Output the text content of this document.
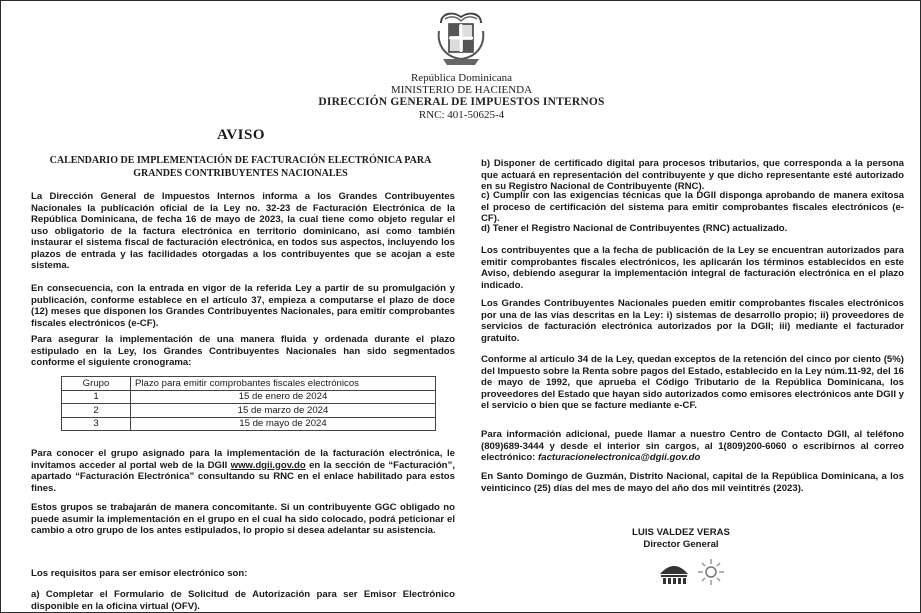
República Dominicana
MINISTERIO DE HACIENDA
DIRECCIÓN GENERAL DE IMPUESTOS INTERNOS
RNC: 401-50625-4
AVISO
CALENDARIO DE IMPLEMENTACIÓN DE FACTURACIÓN ELECTRÓNICA PARA
GRANDES CONTRIBUYENTES NACIONALES

La Dirección General de Impuestos Internos informa a los Grandes Contribuyentes Nacionales la publicación oficial de la Ley no. 32-23 de Facturación Electrónica de la República Dominicana, de fecha 16 de mayo de 2023, la cual tiene como objeto regular el uso obligatorio de la factura electrónica en territorio dominicano, así como también instaurar el sistema fiscal de facturación electrónica, en todos sus aspectos, incluyendo los plazos de entrada y las facilidades otorgadas a los contribuyentes que se acojan a este sistema.

En consecuencia, con la entrada en vigor de la referida Ley a partir de su promulgación y publicación, conforme establece en el artículo 37, empieza a computarse el plazo de doce (12) meses que disponen los Grandes Contribuyentes Nacionales, para emitir comprobantes fiscales electrónicos (e-CF).

Para asegurar la implementación de una manera fluida y ordenada durante el plazo estipulado en la Ley, los Grandes Contribuyentes Nacionales han sido segmentados conforme el siguiente cronograma:

Grupo	Plazo para emitir comprobantes fiscales electrónicos
1	15 de enero de 2024
2	15 de marzo de 2024
3	15 de mayo de 2024

Para conocer el grupo asignado para la implementación de la facturación electrónica, le invitamos acceder al portal web de la DGII www.dgii.gov.do en la sección de “Facturación”, apartado “Facturación Electrónica” consultando su RNC en el enlace habilitado para estos fines.

Estos grupos se trabajarán de manera concomitante. Si un contribuyente GGC obligado no puede asumir la implementación en el grupo en el cual ha sido colocado, podrá peticionar el cambio a otro grupo de los antes estipulados, lo propio si desea adelantar su asistencia.

Los requisitos para ser emisor electrónico son:

a) Completar el Formulario de Solicitud de Autorización para ser Emisor Electrónico disponible en la oficina virtual (OFV).

b) Disponer de certificado digital para procesos tributarios, que corresponda a la persona que actuará en representación del contribuyente y que dicho representante esté autorizado en su Registro Nacional de Contribuyente (RNC).

c) Cumplir con las exigencias técnicas que la DGII disponga aprobando de manera exitosa el proceso de certificación del sistema para emitir comprobantes fiscales electrónicos (e-CF).

d) Tener el Registro Nacional de Contribuyentes (RNC) actualizado.

Los contribuyentes que a la fecha de publicación de la Ley se encuentran autorizados para emitir comprobantes fiscales electrónicos, les aplicarán los términos establecidos en este Aviso, debiendo asegurar la implementación integral de facturación electrónica en el plazo indicado.

Los Grandes Contribuyentes Nacionales pueden emitir comprobantes fiscales electrónicos por una de las vías descritas en la Ley: i) sistemas de desarrollo propio; ii) proveedores de servicios de facturación electrónica autorizados por la DGII; iii) mediante el facturador gratuito.

Conforme al artículo 34 de la Ley, quedan exceptos de la retención del cinco por ciento (5%) del Impuesto sobre la Renta sobre pagos del Estado, establecido en la Ley núm.11-92, del 16 de mayo de 1992, que aprueba el Código Tributario de la República Dominicana, los proveedores del Estado que hayan sido autorizados como emisores electrónicos ante DGII y el servicio o bien que se facture mediante e-CF.

Para información adicional, puede llamar a nuestro Centro de Contacto DGII, al teléfono (809)689-3444 y desde el interior sin cargos, al 1(809)200-6060 o escribirnos al correo electrónico: facturacionelectronica@dgii.gov.do

En Santo Domingo de Guzmán, Distrito Nacional, capital de la República Dominicana, a los veinticinco (25) días del mes de mayo del año dos mil veintitrés (2023).

LUIS VALDEZ VERAS
Director General
